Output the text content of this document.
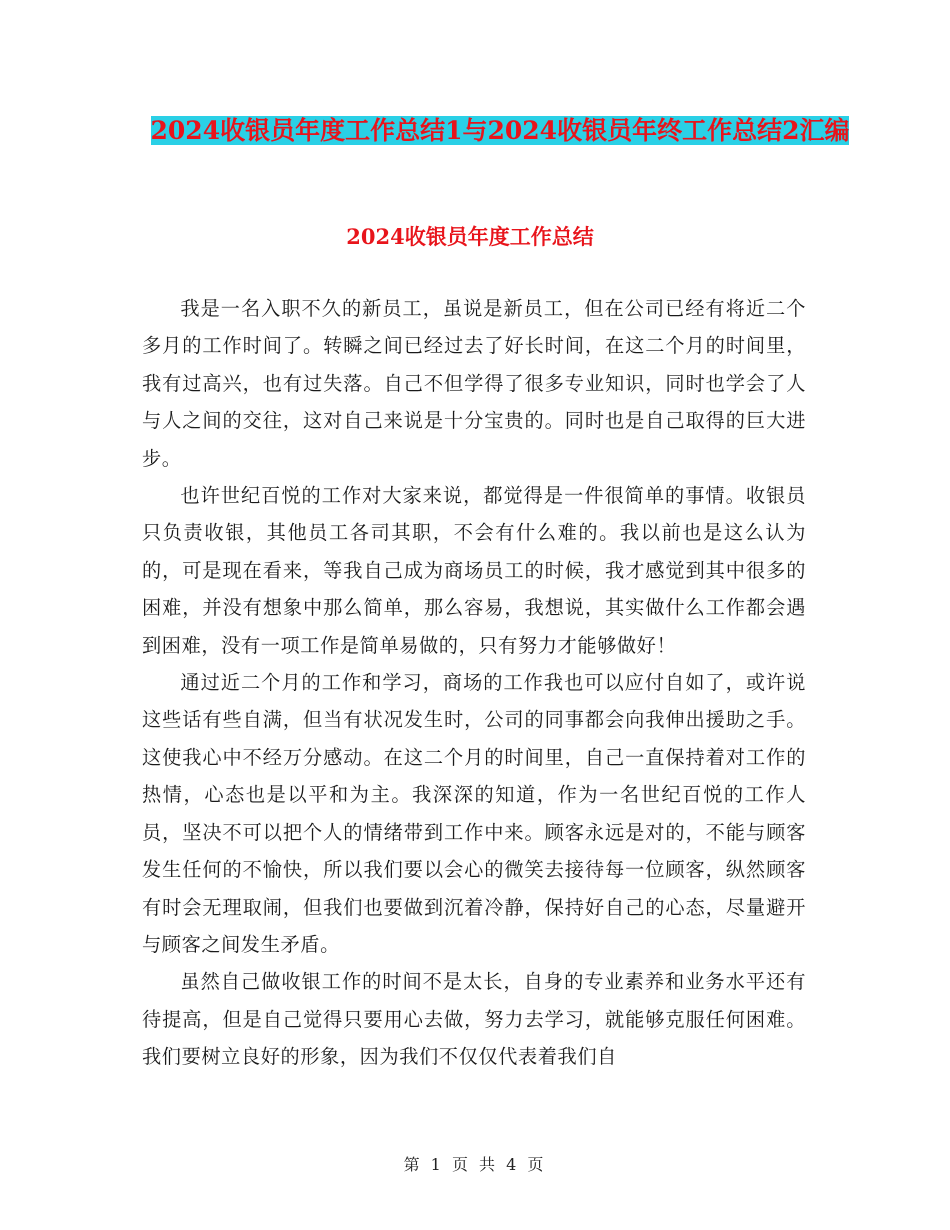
2024收银员年度工作总结1与2024收银员年终工作总结2汇编
2024收银员年度工作总结

我是一名入职不久的新员工，虽说是新员工，但在公司已经有将近二个多月的工作时间了。转瞬之间已经过去了好长时间，在这二个月的时间里，我有过高兴，也有过失落。自己不但学得了很多专业知识，同时也学会了人与人之间的交往，这对自己来说是十分宝贵的。同时也是自己取得的巨大进步。

也许世纪百悦的工作对大家来说，都觉得是一件很简单的事情。收银员只负责收银，其他员工各司其职，不会有什么难的。我以前也是这么认为的，可是现在看来，等我自己成为商场员工的时候，我才感觉到其中很多的困难，并没有想象中那么简单，那么容易，我想说，其实做什么工作都会遇到困难，没有一项工作是简单易做的，只有努力才能够做好！

通过近二个月的工作和学习，商场的工作我也可以应付自如了，或许说这些话有些自满，但当有状况发生时，公司的同事都会向我伸出援助之手。这使我心中不经万分感动。在这二个月的时间里，自己一直保持着对工作的热情，心态也是以平和为主。我深深的知道，作为一名世纪百悦的工作人员，坚决不可以把个人的情绪带到工作中来。顾客永远是对的，不能与顾客发生任何的不愉快，所以我们要以会心的微笑去接待每一位顾客，纵然顾客有时会无理取闹，但我们也要做到沉着冷静，保持好自己的心态，尽量避开与顾客之间发生矛盾。

虽然自己做收银工作的时间不是太长，自身的专业素养和业务水平还有待提高，但是自己觉得只要用心去做，努力去学习，就能够克服任何困难。我们要树立良好的形象，因为我们不仅仅代表着我们自

第 1 页 共 4 页
